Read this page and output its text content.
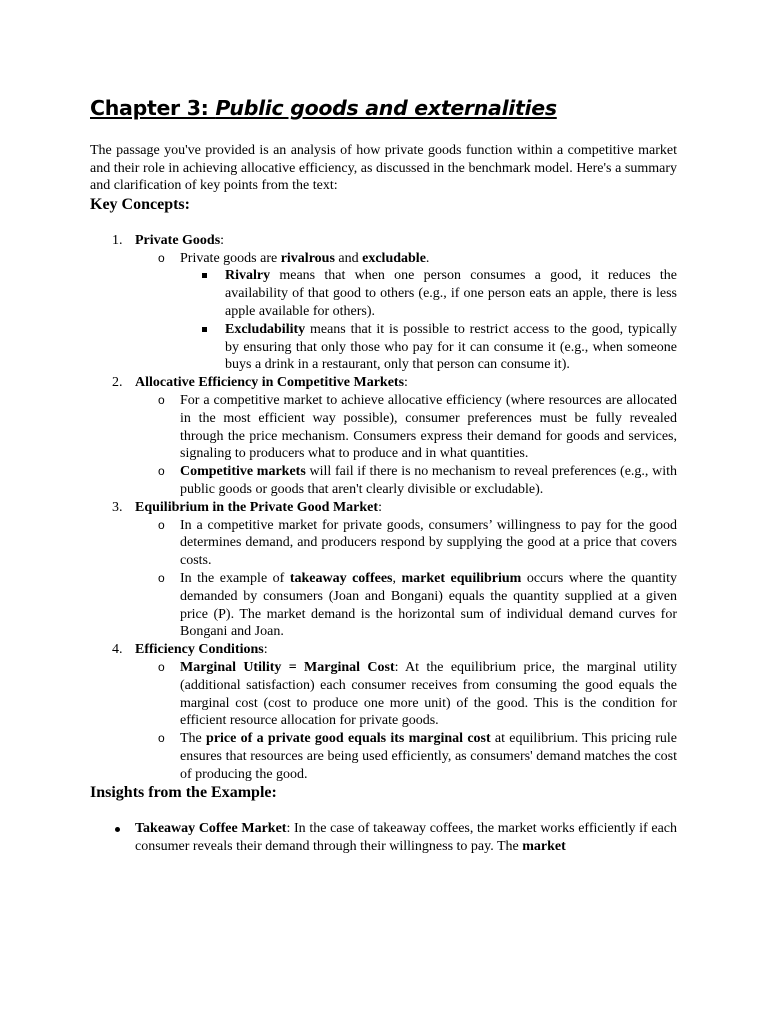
Chapter 3: Public goods and externalities

The passage you've provided is an analysis of how private goods function within a competitive market and their role in achieving allocative efficiency, as discussed in the benchmark model. Here's a summary and clarification of key points from the text:

Key Concepts:
1. Private Goods:
o Private goods are rivalrous and excludable.
Rivalry means that when one person consumes a good, it reduces the availability of that good to others (e.g., if one person eats an apple, there is less apple available for others).
Excludability means that it is possible to restrict access to the good, typically by ensuring that only those who pay for it can consume it (e.g., when someone buys a drink in a restaurant, only that person can consume it).
2. Allocative Efficiency in Competitive Markets:
o For a competitive market to achieve allocative efficiency (where resources are allocated in the most efficient way possible), consumer preferences must be fully revealed through the price mechanism. Consumers express their demand for goods and services, signaling to producers what to produce and in what quantities.
o Competitive markets will fail if there is no mechanism to reveal preferences (e.g., with public goods or goods that aren't clearly divisible or excludable).
3. Equilibrium in the Private Good Market:
o In a competitive market for private goods, consumers’ willingness to pay for the good determines demand, and producers respond by supplying the good at a price that covers costs.
o In the example of takeaway coffees, market equilibrium occurs where the quantity demanded by consumers (Joan and Bongani) equals the quantity supplied at a given price (P). The market demand is the horizontal sum of individual demand curves for Bongani and Joan.
4. Efficiency Conditions:
o Marginal Utility = Marginal Cost: At the equilibrium price, the marginal utility (additional satisfaction) each consumer receives from consuming the good equals the marginal cost (cost to produce one more unit) of the good. This is the condition for efficient resource allocation for private goods.
o The price of a private good equals its marginal cost at equilibrium. This pricing rule ensures that resources are being used efficiently, as consumers' demand matches the cost of producing the good.
Insights from the Example:
Takeaway Coffee Market: In the case of takeaway coffees, the market works efficiently if each consumer reveals their demand through their willingness to pay. The market
